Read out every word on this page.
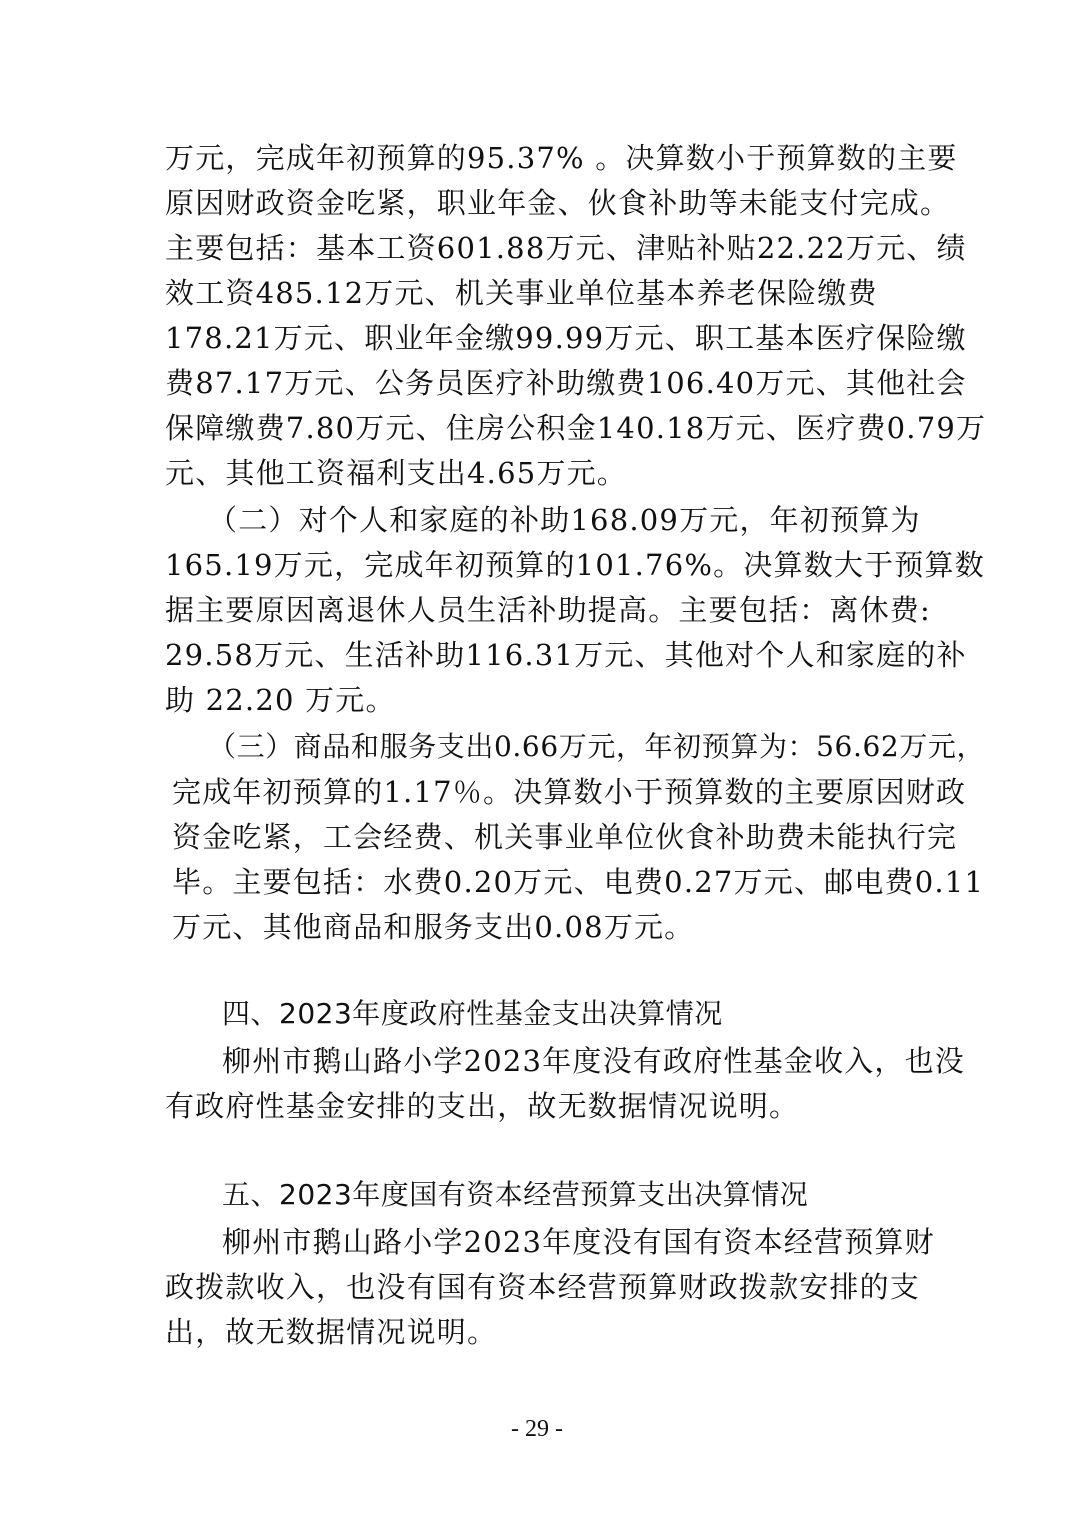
万元，完成年初预算的95.37% 。决算数小于预算数的主要
原因财政资金吃紧，职业年金、伙食补助等未能支付完成。
主要包括：基本工资601.88万元、津贴补贴22.22万元、绩
效工资485.12万元、机关事业单位基本养老保险缴费
178.21万元、职业年金缴99.99万元、职工基本医疗保险缴
费87.17万元、公务员医疗补助缴费106.40万元、其他社会
保障缴费7.80万元、住房公积金140.18万元、医疗费0.79万
元、其他工资福利支出4.65万元。
（二）对个人和家庭的补助168.09万元，年初预算为
165.19万元，完成年初预算的101.76%。决算数大于预算数
据主要原因离退休人员生活补助提高。主要包括：离休费:
29.58万元、生活补助116.31万元、其他对个人和家庭的补
助 22.20 万元。
（三）商品和服务支出0.66万元，年初预算为：56.62万元，
完成年初预算的1.17％。决算数小于预算数的主要原因财政
资金吃紧，工会经费、机关事业单位伙食补助费未能执行完
毕。主要包括：水费0.20万元、电费0.27万元、邮电费0.11
万元、其他商品和服务支出0.08万元。
四、2023年度政府性基金支出决算情况
柳州市鹅山路小学2023年度没有政府性基金收入，也没
有政府性基金安排的支出，故无数据情况说明。
五、2023年度国有资本经营预算支出决算情况
柳州市鹅山路小学2023年度没有国有资本经营预算财
政拨款收入，也没有国有资本经营预算财政拨款安排的支
出，故无数据情况说明。
- 29 -
